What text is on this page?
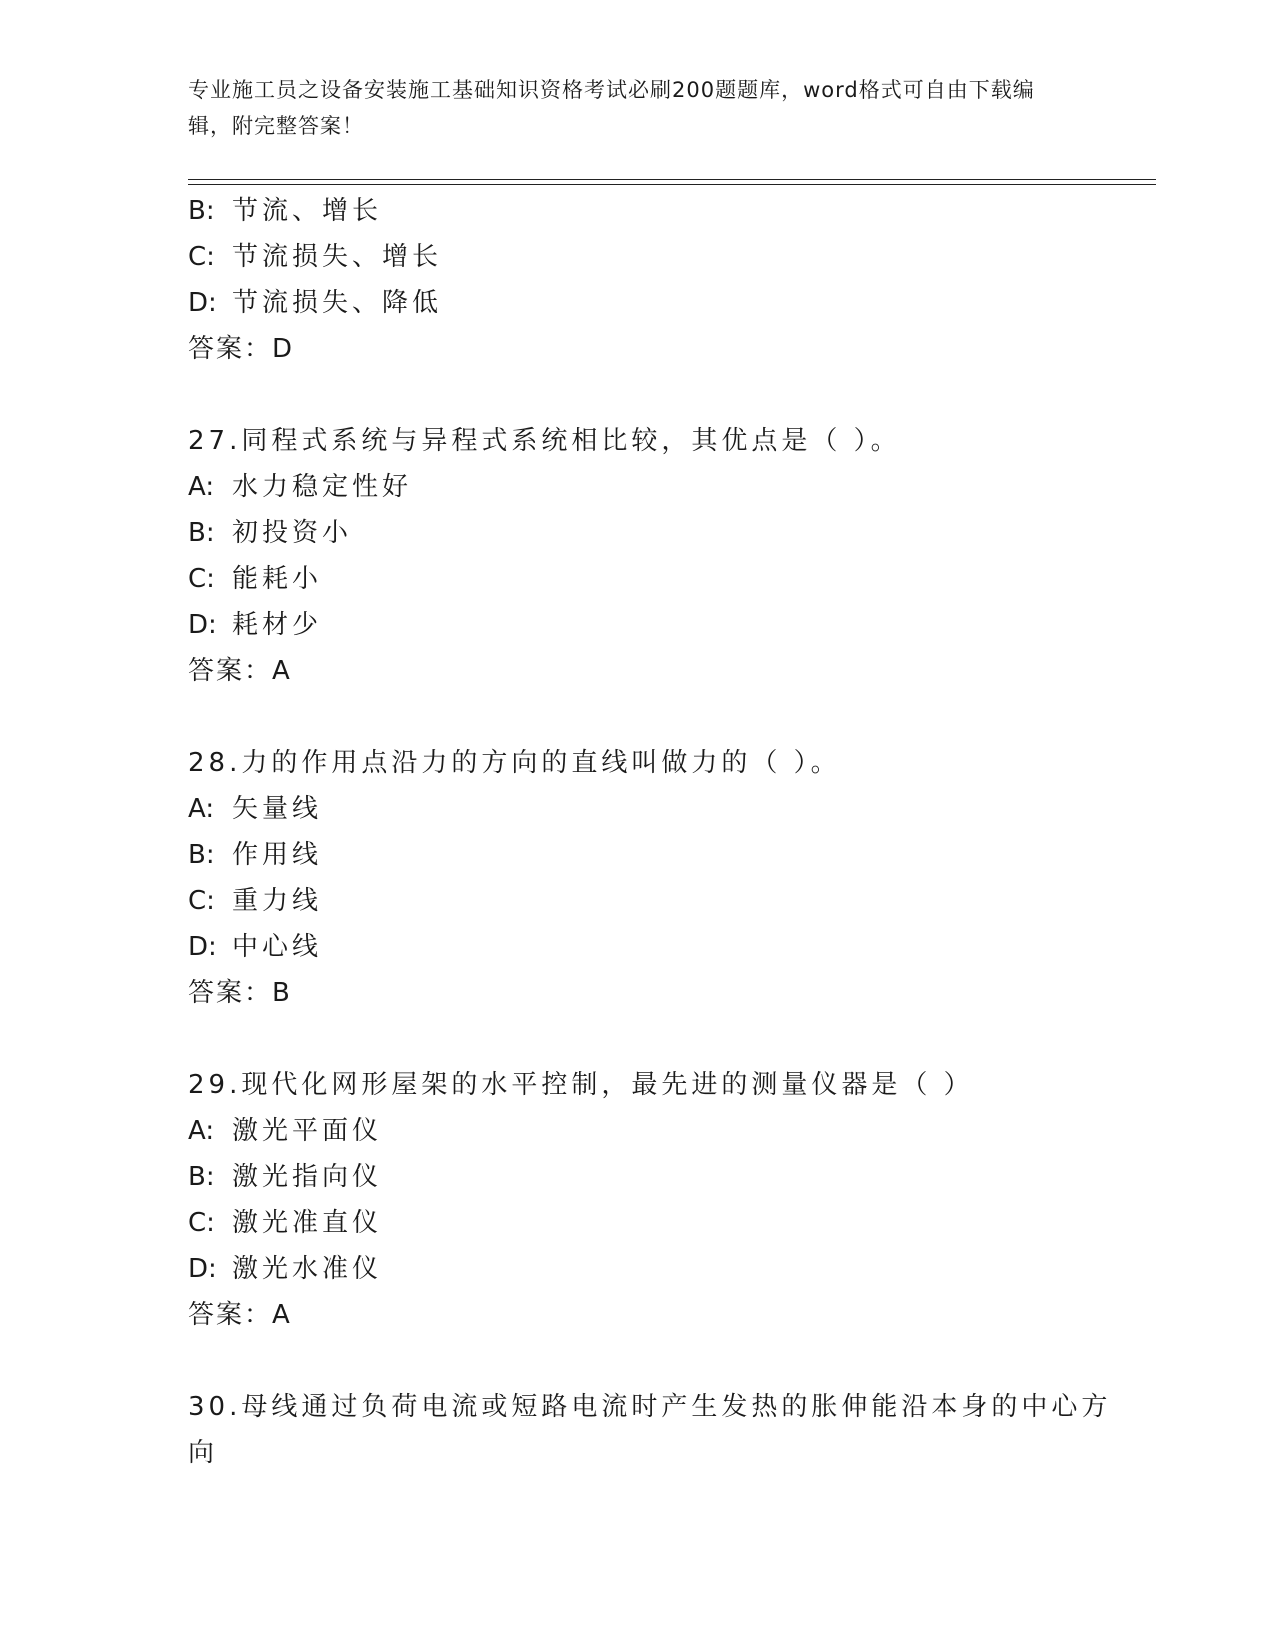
专业施工员之设备安装施工基础知识资格考试必刷200题题库，word格式可自由下载编辑，附完整答案！
B: 节流、增长
C: 节流损失、增长
D: 节流损失、降低
答案：D
27.同程式系统与异程式系统相比较，其优点是（ ）。
A: 水力稳定性好
B: 初投资小
C: 能耗小
D: 耗材少
答案：A
28.力的作用点沿力的方向的直线叫做力的（ ）。
A: 矢量线
B: 作用线
C: 重力线
D: 中心线
答案：B
29.现代化网形屋架的水平控制，最先进的测量仪器是（ ）
A: 激光平面仪
B: 激光指向仪
C: 激光准直仪
D: 激光水准仪
答案：A
30.母线通过负荷电流或短路电流时产生发热的胀伸能沿本身的中心方
向
